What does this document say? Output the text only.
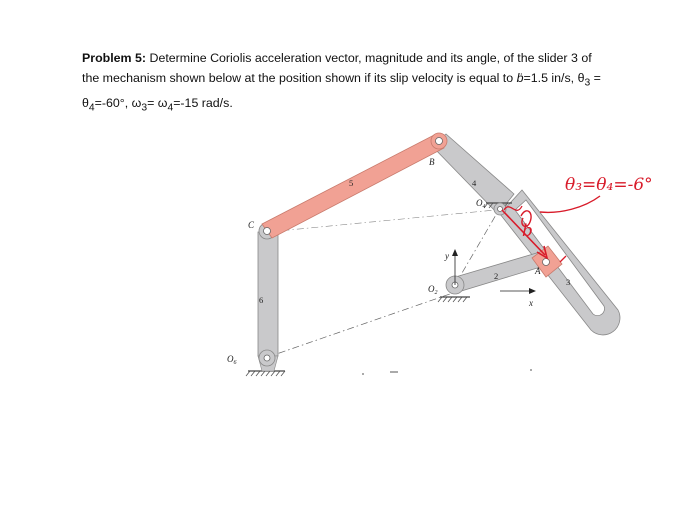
Problem 5: Determine Coriolis acceleration vector, magnitude and its angle, of the slider 3 of
the mechanism shown below at the position shown if its slip velocity is equal to ḃ=1.5 in/s, $\theta_3$ =
$\theta_4=-60^\circ$, $\omega_3= \omega_4=-15$ rad/s.
C
B
$O_4$
$O_2$
$O_6$
A
x
y
2
3
4
5
6
θ₃=θ₄=-6°
b
